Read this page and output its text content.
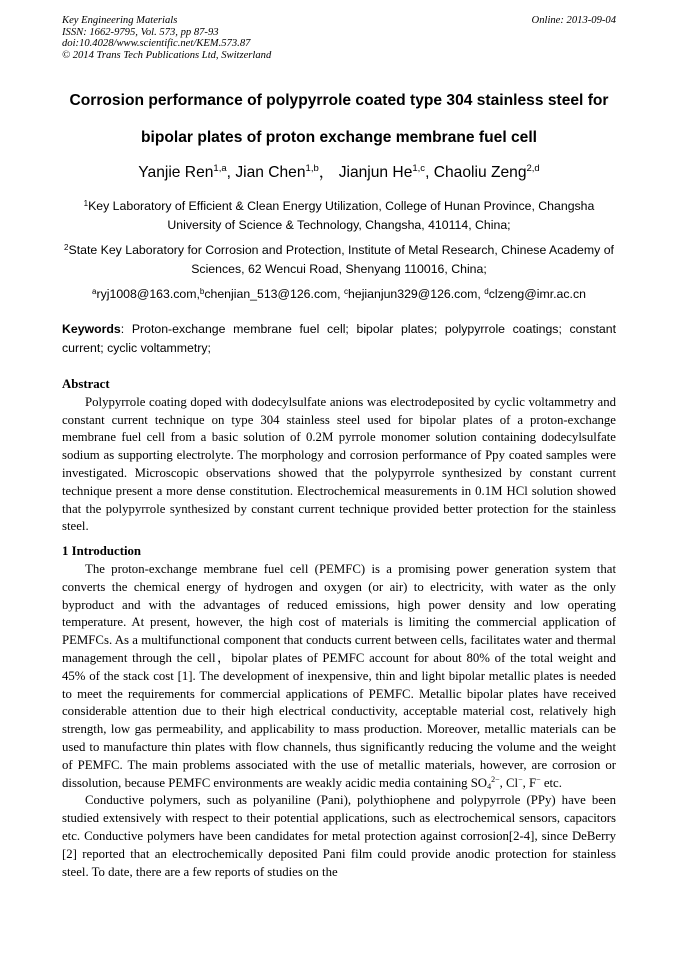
Key Engineering Materials
ISSN: 1662-9795, Vol. 573, pp 87-93
doi:10.4028/www.scientific.net/KEM.573.87
© 2014 Trans Tech Publications Ltd, Switzerland
Online: 2013-09-04
Corrosion performance of polypyrrole coated type 304 stainless steel for
bipolar plates of proton exchange membrane fuel cell
Yanjie Ren$^{1,a}$, Jian Chen$^{1,b}$， Jianjun He$^{1,c}$, Chaoliu Zeng$^{2,d}$
$^1$Key Laboratory of Efficient & Clean Energy Utilization, College of Hunan Province, Changsha University of Science & Technology, Changsha, 410114, China;
$^2$State Key Laboratory for Corrosion and Protection, Institute of Metal Research, Chinese Academy of Sciences, 62 Wencui Road, Shenyang 110016, China;
$^a$ryj1008@163.com,$^b$chenjian_513@126.com, $^c$hejianjun329@126.com, $^d$clzeng@imr.ac.cn
Keywords: Proton-exchange membrane fuel cell; bipolar plates; polypyrrole coatings; constant current; cyclic voltammetry;
Abstract

Polypyrrole coating doped with dodecylsulfate anions was electrodeposited by cyclic voltammetry and constant current technique on type 304 stainless steel used for bipolar plates of a proton-exchange membrane fuel cell from a basic solution of 0.2M pyrrole monomer solution containing dodecylsulfate sodium as supporting electrolyte. The morphology and corrosion performance of Ppy coated samples were investigated. Microscopic observations showed that the polypyrrole synthesized by constant current technique present a more dense constitution. Electrochemical measurements in 0.1M HCl solution showed that the polypyrrole synthesized by constant current technique provided better protection for the stainless steel.

1 Introduction

The proton-exchange membrane fuel cell (PEMFC) is a promising power generation system that converts the chemical energy of hydrogen and oxygen (or air) to electricity, with water as the only byproduct and with the advantages of reduced emissions, high power density and low operating temperature. At present, however, the high cost of materials is limiting the commercial application of PEMFCs. As a multifunctional component that conducts current between cells, facilitates water and thermal management through the cell，bipolar plates of PEMFC account for about 80% of the total weight and 45% of the stack cost [1]. The development of inexpensive, thin and light bipolar metallic plates is needed to meet the requirements for commercial applications of PEMFC. Metallic bipolar plates have received considerable attention due to their high electrical conductivity, acceptable material cost, relatively high strength, low gas permeability, and applicability to mass production. Moreover, metallic materials can be used to manufacture thin plates with flow channels, thus significantly reducing the volume and the weight of PEMFC. The main problems associated with the use of metallic materials, however, are corrosion or dissolution, because PEMFC environments are weakly acidic media containing $SO_4^{2-}$, Cl−, F− etc.

Conductive polymers, such as polyaniline (Pani), polythiophene and polypyrrole (PPy) have been studied extensively with respect to their potential applications, such as electrochemical sensors, capacitors etc. Conductive polymers have been candidates for metal protection against corrosion[2-4], since DeBerry [2] reported that an electrochemically deposited Pani film could provide anodic protection for stainless steel. To date, there are a few reports of studies on the
